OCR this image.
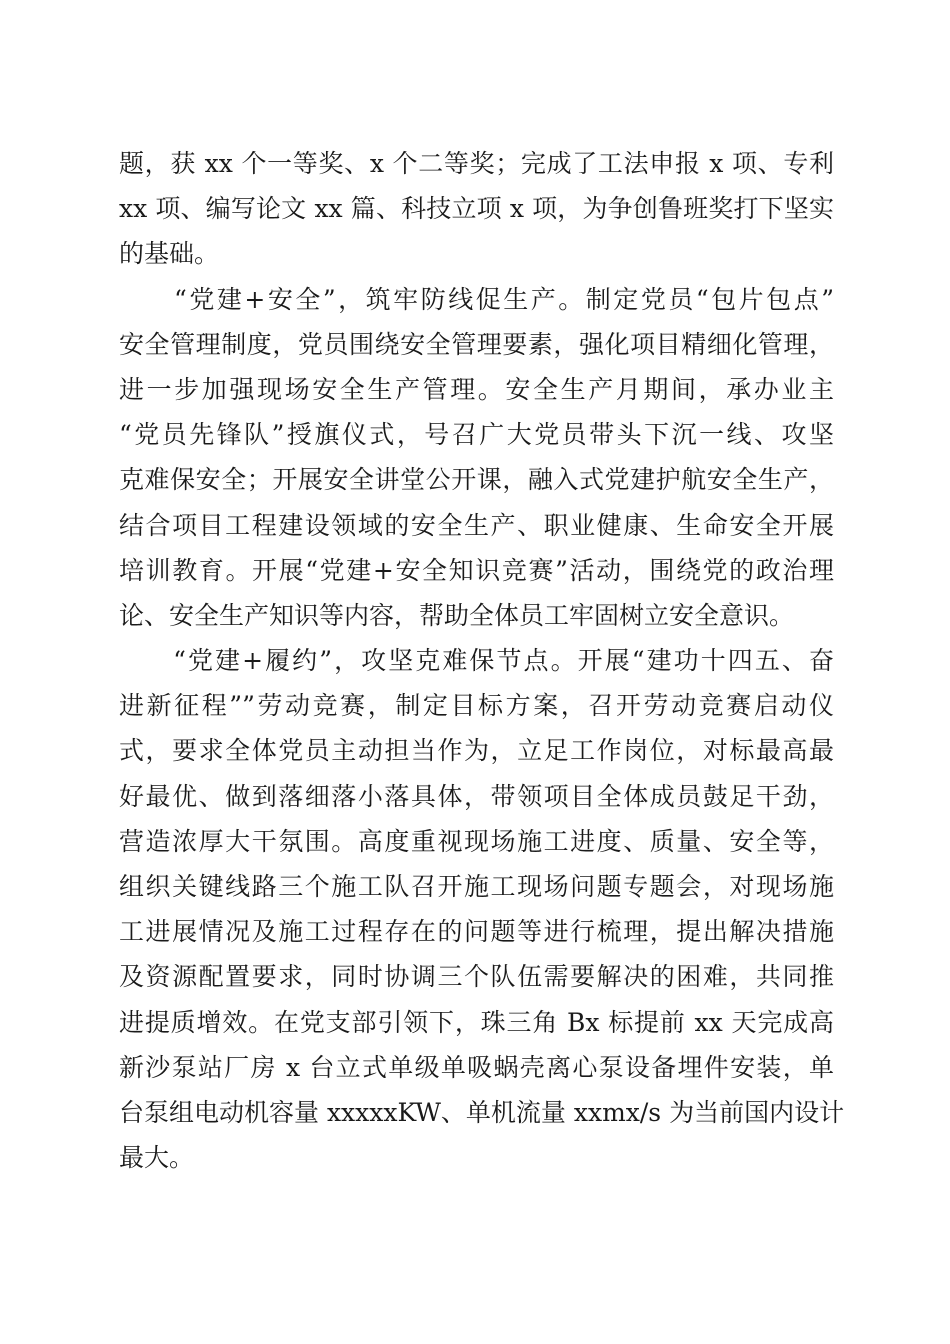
题，获 xx 个一等奖、x 个二等奖；完成了工法申报 x 项、专利
xx 项、编写论文 xx 篇、科技立项 x 项，为争创鲁班奖打下坚实
的基础。
　　“党建+安全”，筑牢防线促生产。制定党员“包片包点”
安全管理制度，党员围绕安全管理要素，强化项目精细化管理，
进一步加强现场安全生产管理。安全生产月期间，承办业主
“党员先锋队”授旗仪式，号召广大党员带头下沉一线、攻坚
克难保安全；开展安全讲堂公开课，融入式党建护航安全生产，
结合项目工程建设领域的安全生产、职业健康、生命安全开展
培训教育。开展“党建+安全知识竞赛”活动，围绕党的政治理
论、安全生产知识等内容，帮助全体员工牢固树立安全意识。
　　“党建+履约”，攻坚克难保节点。开展“建功十四五、奋
进新征程””劳动竞赛，制定目标方案，召开劳动竞赛启动仪
式，要求全体党员主动担当作为，立足工作岗位，对标最高最
好最优、做到落细落小落具体，带领项目全体成员鼓足干劲，
营造浓厚大干氛围。高度重视现场施工进度、质量、安全等，
组织关键线路三个施工队召开施工现场问题专题会，对现场施
工进展情况及施工过程存在的问题等进行梳理，提出解决措施
及资源配置要求，同时协调三个队伍需要解决的困难，共同推
进提质增效。在党支部引领下，珠三角 Bx 标提前 xx 天完成高
新沙泵站厂房 x 台立式单级单吸蜗壳离心泵设备埋件安装，单
台泵组电动机容量 xxxxxKW、单机流量 xxmx/s 为当前国内设计
最大。
